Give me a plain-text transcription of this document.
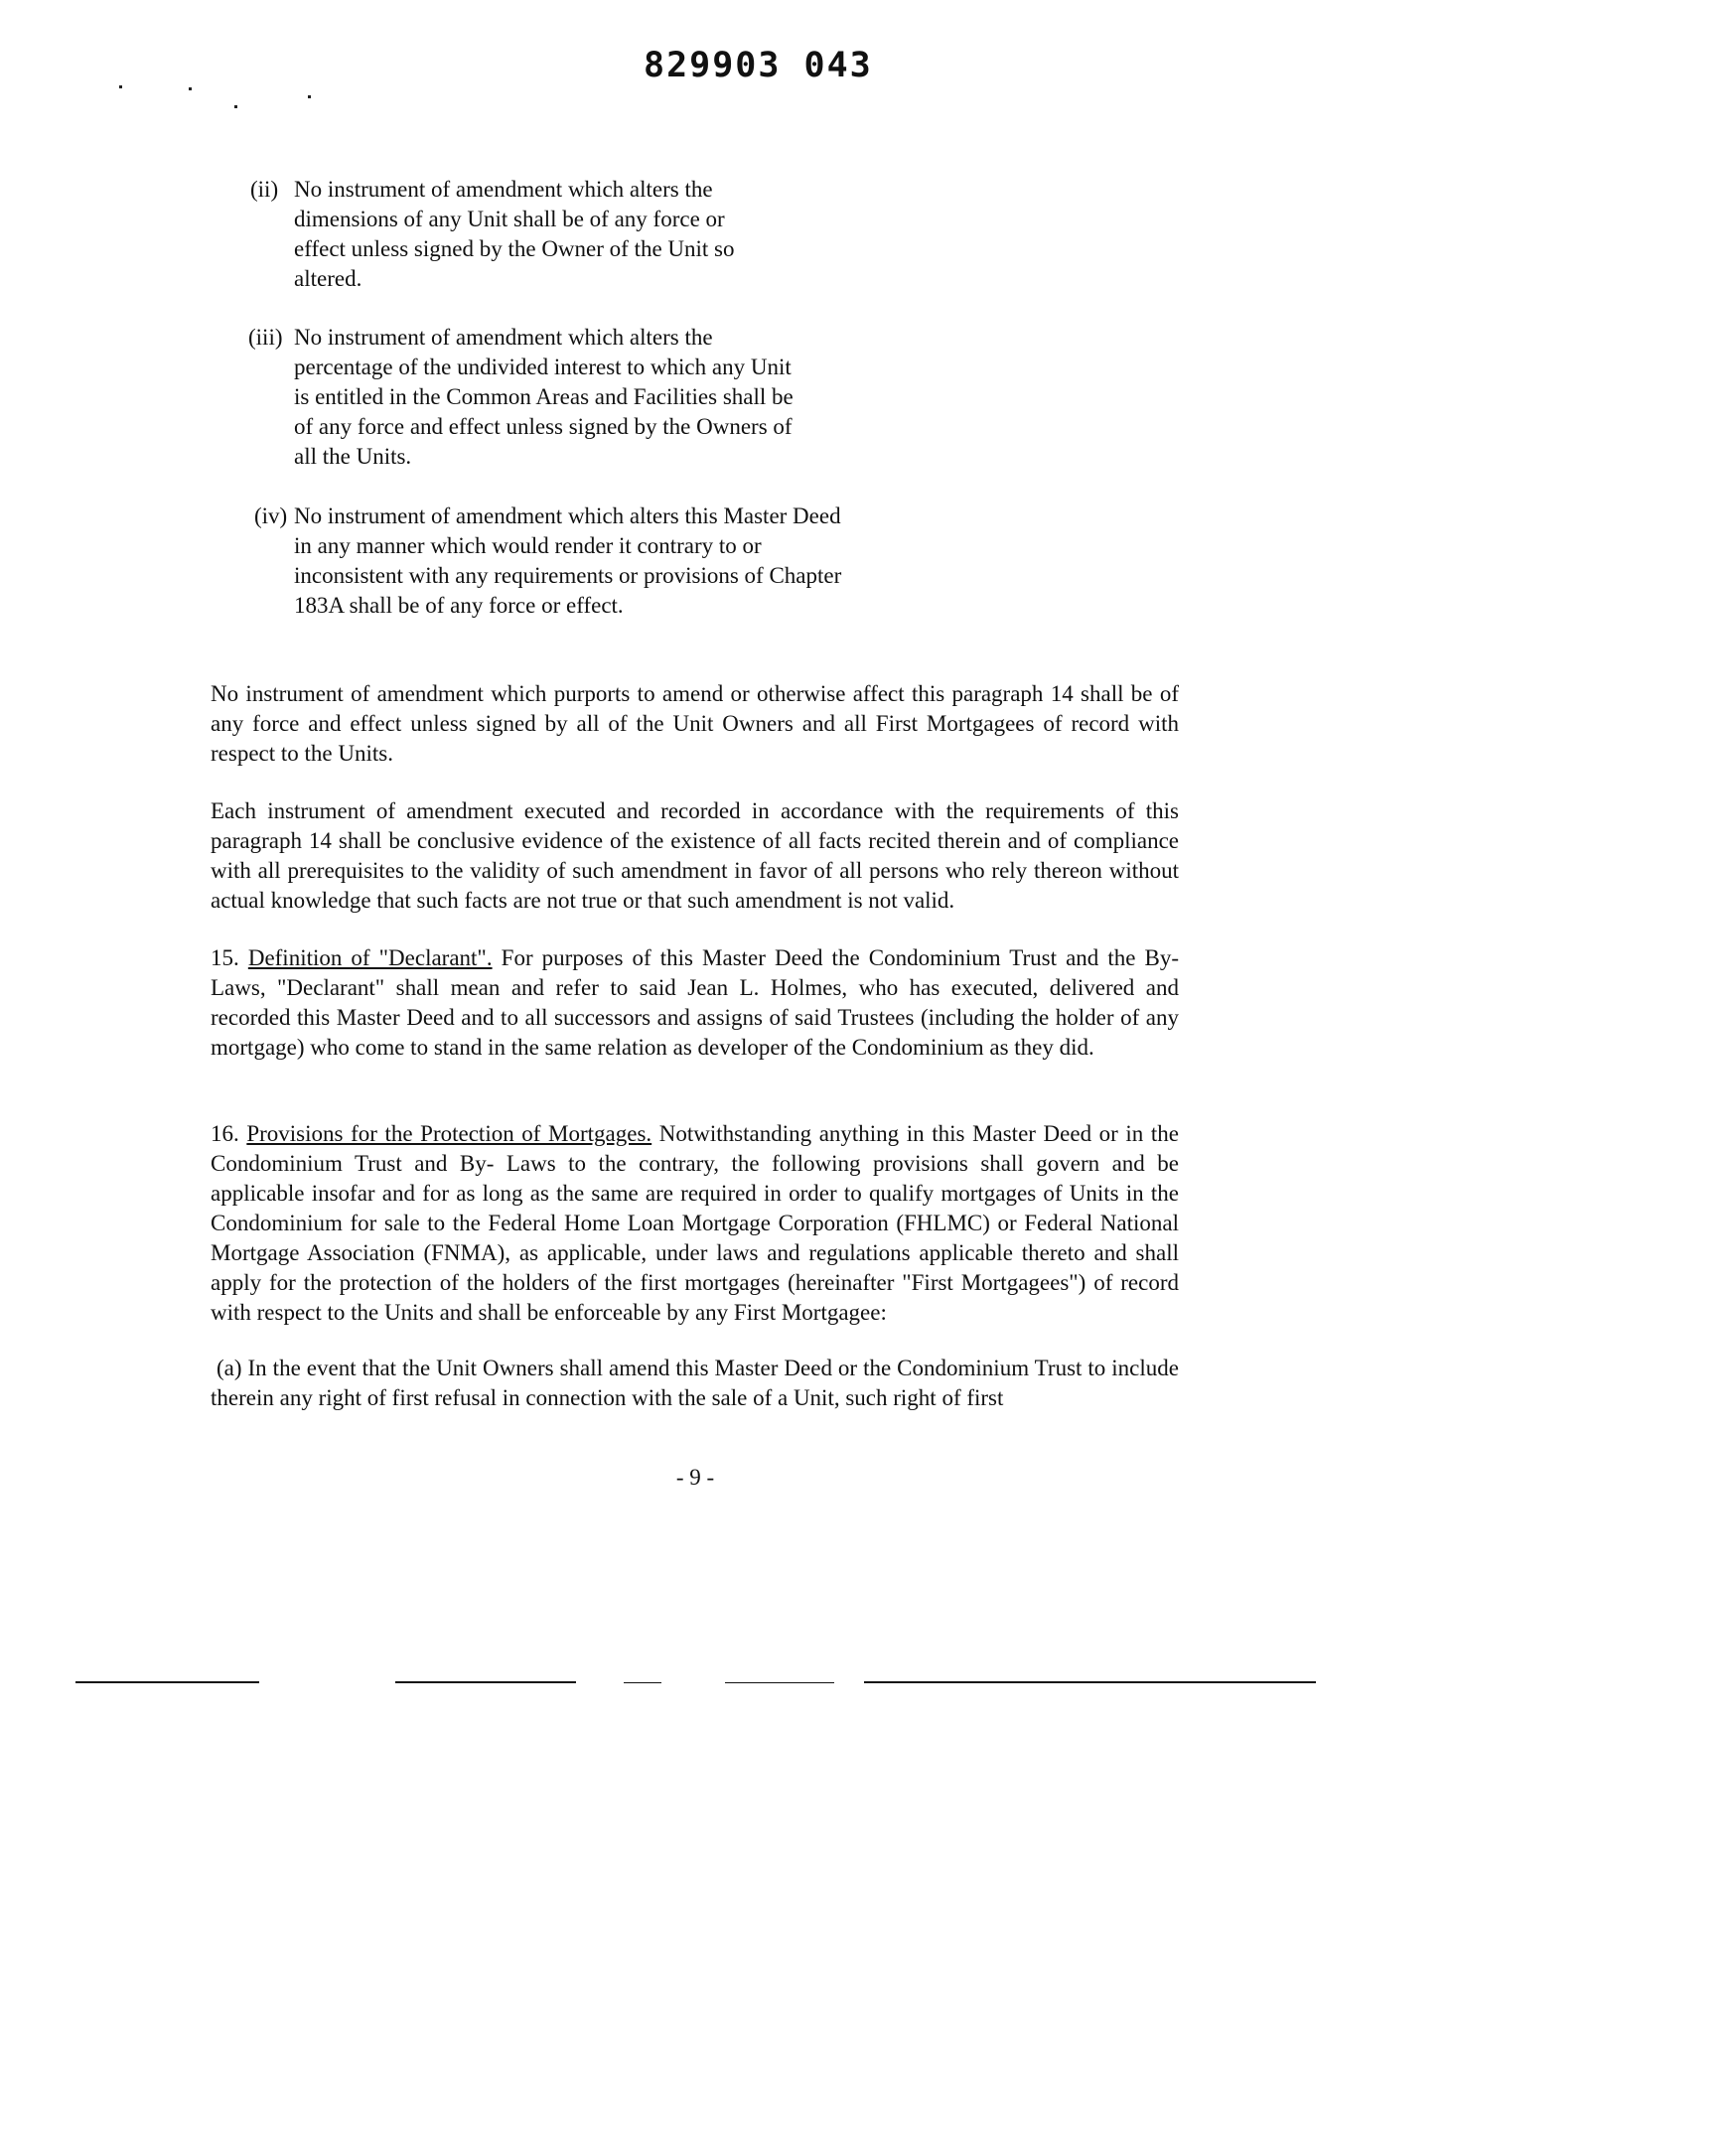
829903 043
(ii) No instrument of amendment which alters the dimensions of any Unit shall be of any force or effect unless signed by the Owner of the Unit so altered.
(iii) No instrument of amendment which alters the percentage of the undivided interest to which any Unit is entitled in the Common Areas and Facilities shall be of any force and effect unless signed by the Owners of all the Units.
(iv) No instrument of amendment which alters this Master Deed in any manner which would render it contrary to or inconsistent with any requirements or provisions of Chapter 183A shall be of any force or effect.
No instrument of amendment which purports to amend or otherwise affect this paragraph 14 shall be of any force and effect unless signed by all of the Unit Owners and all First Mortgagees of record with respect to the Units.
Each instrument of amendment executed and recorded in accordance with the requirements of this paragraph 14 shall be conclusive evidence of the existence of all facts recited therein and of compliance with all prerequisites to the validity of such amendment in favor of all persons who rely thereon without actual knowledge that such facts are not true or that such amendment is not valid.
15. Definition of "Declarant". For purposes of this Master Deed the Condominium Trust and the By-Laws, "Declarant" shall mean and refer to said Jean L. Holmes, who has executed, delivered and recorded this Master Deed and to all successors and assigns of said Trustees (including the holder of any mortgage) who come to stand in the same relation as developer of the Condominium as they did.
16. Provisions for the Protection of Mortgages. Notwithstanding anything in this Master Deed or in the Condominium Trust and By- Laws to the contrary, the following provisions shall govern and be applicable insofar and for as long as the same are required in order to qualify mortgages of Units in the Condominium for sale to the Federal Home Loan Mortgage Corporation (FHLMC) or Federal National Mortgage Association (FNMA), as applicable, under laws and regulations applicable thereto and shall apply for the protection of the holders of the first mortgages (hereinafter "First Mortgagees") of record with respect to the Units and shall be enforceable by any First Mortgagee:
(a) In the event that the Unit Owners shall amend this Master Deed or the Condominium Trust to include therein any right of first refusal in connection with the sale of a Unit, such right of first
- 9 -
